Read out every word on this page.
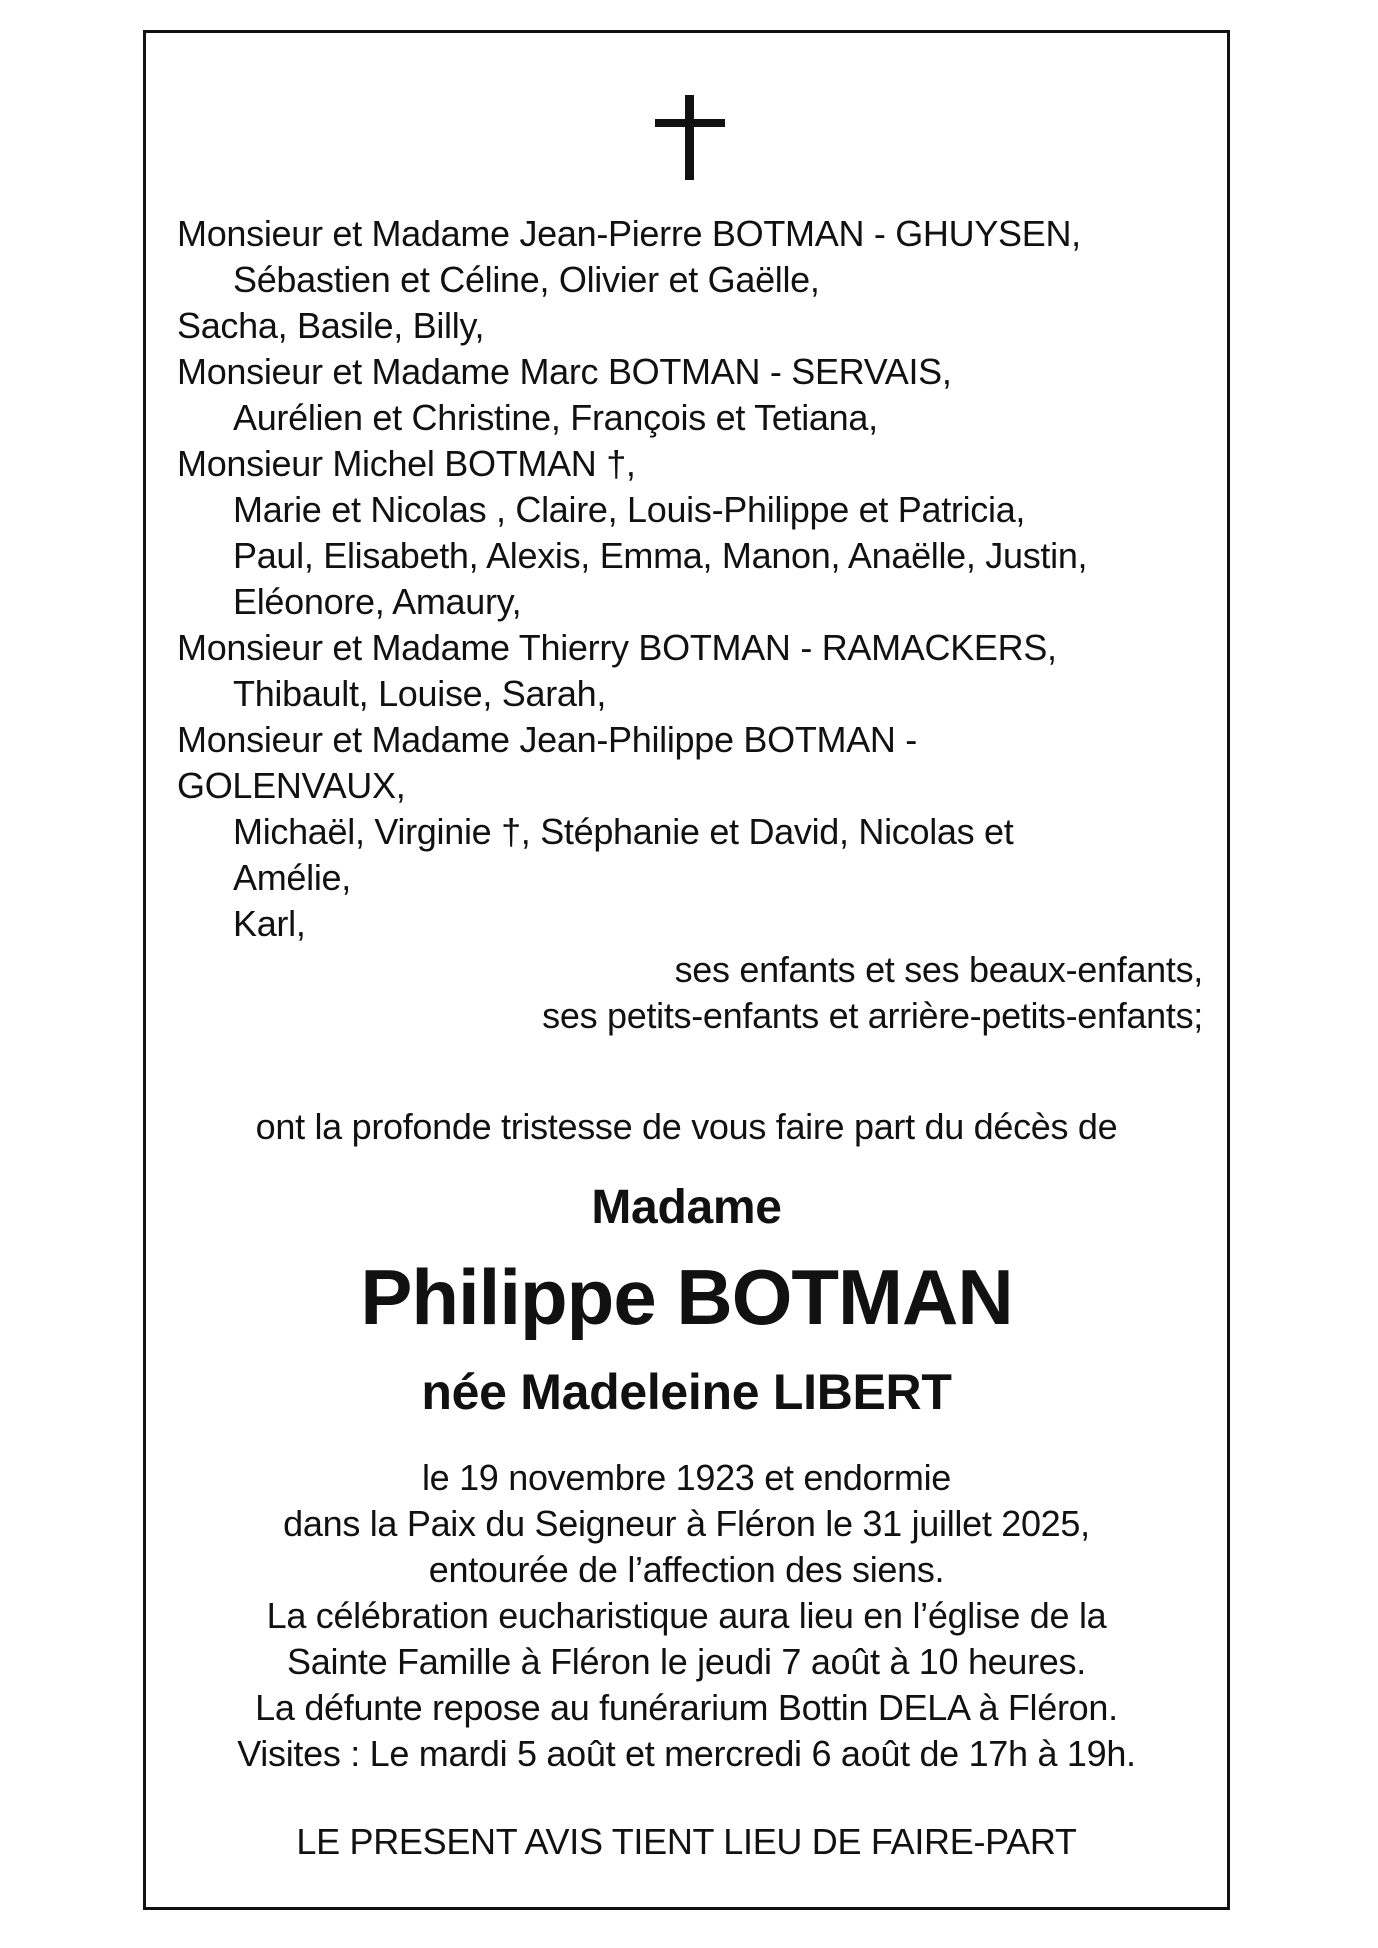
Monsieur et Madame Jean-Pierre BOTMAN - GHUYSEN,
Sébastien et Céline, Olivier et Gaëlle,
Sacha, Basile, Billy,
Monsieur et Madame Marc BOTMAN - SERVAIS,
Aurélien et Christine, François et Tetiana,
Monsieur Michel BOTMAN †,
Marie et Nicolas , Claire, Louis-Philippe et Patricia,
Paul, Elisabeth, Alexis, Emma, Manon, Anaëlle, Justin,
Eléonore, Amaury,
Monsieur et Madame Thierry BOTMAN - RAMACKERS,
Thibault, Louise, Sarah,
Monsieur et Madame Jean-Philippe BOTMAN -
GOLENVAUX,
Michaël, Virginie †, Stéphanie et David, Nicolas et
Amélie,
Karl,
ses enfants et ses beaux-enfants,
ses petits-enfants et arrière-petits-enfants;
ont la profonde tristesse de vous faire part du décès de
Madame
Philippe BOTMAN
née Madeleine LIBERT
le 19 novembre 1923 et endormie
dans la Paix du Seigneur à Fléron le 31 juillet 2025,
entourée de l’affection des siens.
La célébration eucharistique aura lieu en l’église de la
Sainte Famille à Fléron le jeudi 7 août à 10 heures.
La défunte repose au funérarium Bottin DELA à Fléron.
Visites : Le mardi 5 août et mercredi 6 août de 17h à 19h.
LE PRESENT AVIS TIENT LIEU DE FAIRE-PART
